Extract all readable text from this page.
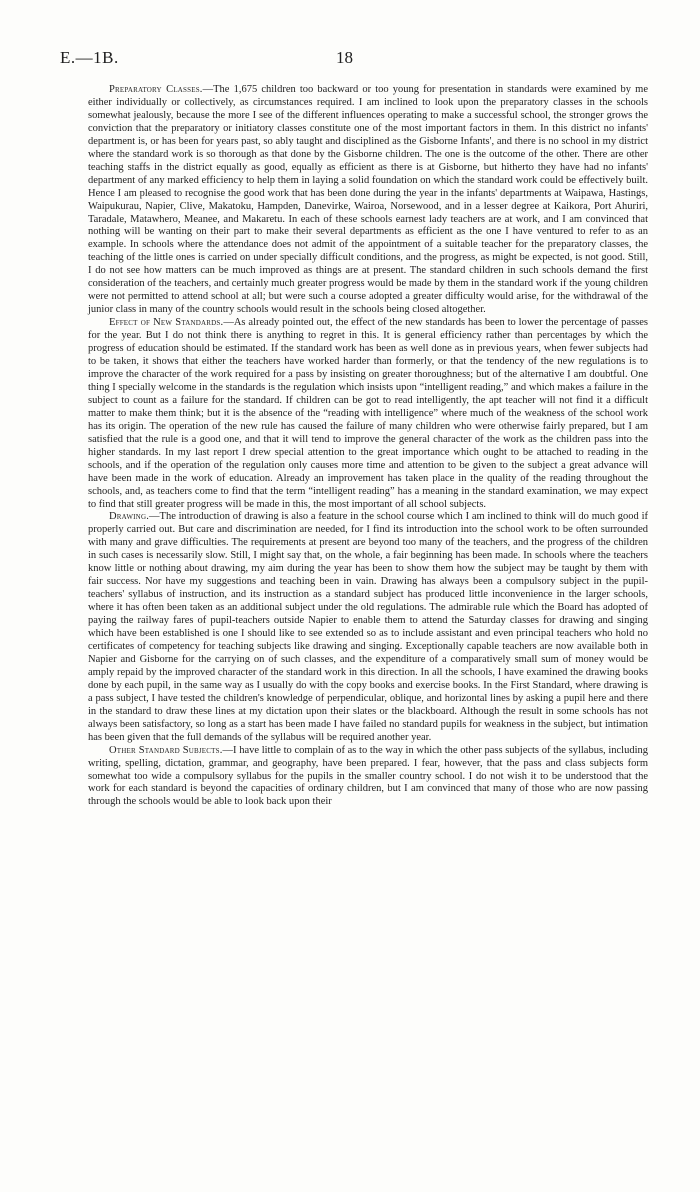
E.—1B.	18

Preparatory Classes.—The 1,675 children too backward or too young for presentation in standards were examined by me either individually or collectively, as circumstances required. I am inclined to look upon the preparatory classes in the schools somewhat jealously, because the more I see of the different influences operating to make a successful school, the stronger grows the conviction that the preparatory or initiatory classes constitute one of the most important factors in them. In this district no infants' department is, or has been for years past, so ably taught and disciplined as the Gisborne Infants', and there is no school in my district where the standard work is so thorough as that done by the Gisborne children. The one is the outcome of the other. There are other teaching staffs in the district equally as good, equally as efficient as there is at Gisborne, but hitherto they have had no infants' department of any marked efficiency to help them in laying a solid foundation on which the standard work could be effectively built. Hence I am pleased to recognise the good work that has been done during the year in the infants' departments at Waipawa, Hastings, Waipukurau, Napier, Clive, Makatoku, Hampden, Danevirke, Wairoa, Norsewood, and in a lesser degree at Kaikora, Port Ahuriri, Taradale, Matawhero, Meanee, and Makaretu. In each of these schools earnest lady teachers are at work, and I am convinced that nothing will be wanting on their part to make their several departments as efficient as the one I have ventured to refer to as an example. In schools where the attendance does not admit of the appointment of a suitable teacher for the preparatory classes, the teaching of the little ones is carried on under specially difficult conditions, and the progress, as might be expected, is not good. Still, I do not see how matters can be much improved as things are at present. The standard children in such schools demand the first consideration of the teachers, and certainly much greater progress would be made by them in the standard work if the young children were not permitted to attend school at all; but were such a course adopted a greater difficulty would arise, for the withdrawal of the junior class in many of the country schools would result in the schools being closed altogether.

Effect of New Standards.—As already pointed out, the effect of the new standards has been to lower the percentage of passes for the year. But I do not think there is anything to regret in this. It is general efficiency rather than percentages by which the progress of education should be estimated. If the standard work has been as well done as in previous years, when fewer subjects had to be taken, it shows that either the teachers have worked harder than formerly, or that the tendency of the new regulations is to improve the character of the work required for a pass by insisting on greater thoroughness; but of the alternative I am doubtful. One thing I specially welcome in the standards is the regulation which insists upon “intelligent reading,” and which makes a failure in the subject to count as a failure for the standard. If children can be got to read intelligently, the apt teacher will not find it a difficult matter to make them think; but it is the absence of the “reading with intelligence” where much of the weakness of the school work has its origin. The operation of the new rule has caused the failure of many children who were otherwise fairly prepared, but I am satisfied that the rule is a good one, and that it will tend to improve the general character of the work as the children pass into the higher standards. In my last report I drew special attention to the great importance which ought to be attached to reading in the schools, and if the operation of the regulation only causes more time and attention to be given to the subject a great advance will have been made in the work of education. Already an improvement has taken place in the quality of the reading throughout the schools, and, as teachers come to find that the term “intelligent reading” has a meaning in the standard examination, we may expect to find that still greater progress will be made in this, the most important of all school subjects.

Drawing.—The introduction of drawing is also a feature in the school course which I am inclined to think will do much good if properly carried out. But care and discrimination are needed, for I find its introduction into the school work to be often surrounded with many and grave difficulties. The requirements at present are beyond too many of the teachers, and the progress of the children in such cases is necessarily slow. Still, I might say that, on the whole, a fair beginning has been made. In schools where the teachers know little or nothing about drawing, my aim during the year has been to show them how the subject may be taught by them with fair success. Nor have my suggestions and teaching been in vain. Drawing has always been a compulsory subject in the pupil-teachers' syllabus of instruction, and its instruction as a standard subject has produced little inconvenience in the larger schools, where it has often been taken as an additional subject under the old regulations. The admirable rule which the Board has adopted of paying the railway fares of pupil-teachers outside Napier to enable them to attend the Saturday classes for drawing and singing which have been established is one I should like to see extended so as to include assistant and even principal teachers who hold no certificates of competency for teaching subjects like drawing and singing. Exceptionally capable teachers are now available both in Napier and Gisborne for the carrying on of such classes, and the expenditure of a comparatively small sum of money would be amply repaid by the improved character of the standard work in this direction. In all the schools, I have examined the drawing books done by each pupil, in the same way as I usually do with the copy books and exercise books. In the First Standard, where drawing is a pass subject, I have tested the children's knowledge of perpendicular, oblique, and horizontal lines by asking a pupil here and there in the standard to draw these lines at my dictation upon their slates or the blackboard. Although the result in some schools has not always been satisfactory, so long as a start has been made I have failed no standard pupils for weakness in the subject, but intimation has been given that the full demands of the syllabus will be required another year.

Other Standard Subjects.—I have little to complain of as to the way in which the other pass subjects of the syllabus, including writing, spelling, dictation, grammar, and geography, have been prepared. I fear, however, that the pass and class subjects form somewhat too wide a compulsory syllabus for the pupils in the smaller country school. I do not wish it to be understood that the work for each standard is beyond the capacities of ordinary children, but I am convinced that many of those who are now passing through the schools would be able to look back upon their
